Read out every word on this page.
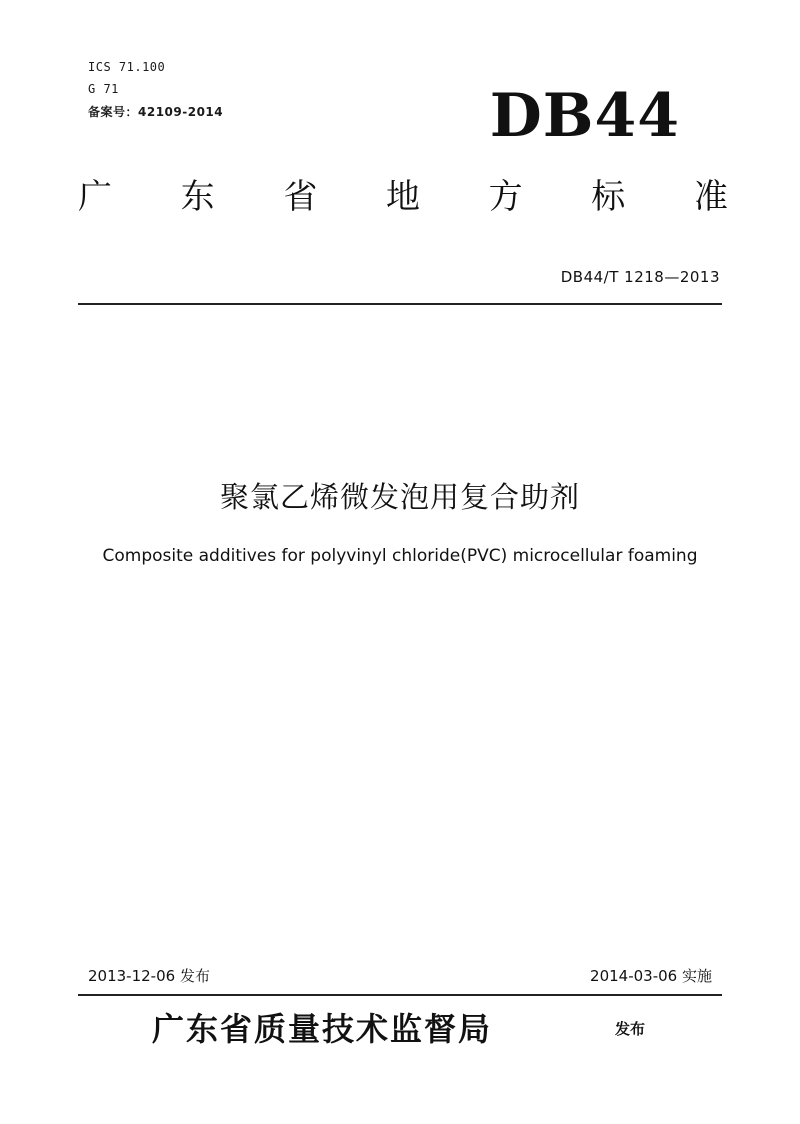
ICS 71.100
G 71
备案号：42109-2014	DB44
广 东 省 地 方 标 准
DB44/T 1218—2013
聚氯乙烯微发泡用复合助剂
Composite additives for polyvinyl chloride(PVC) microcellular foaming
2013-12-06 发布	2014-03-06 实施
广东省质量技术监督局	发布
